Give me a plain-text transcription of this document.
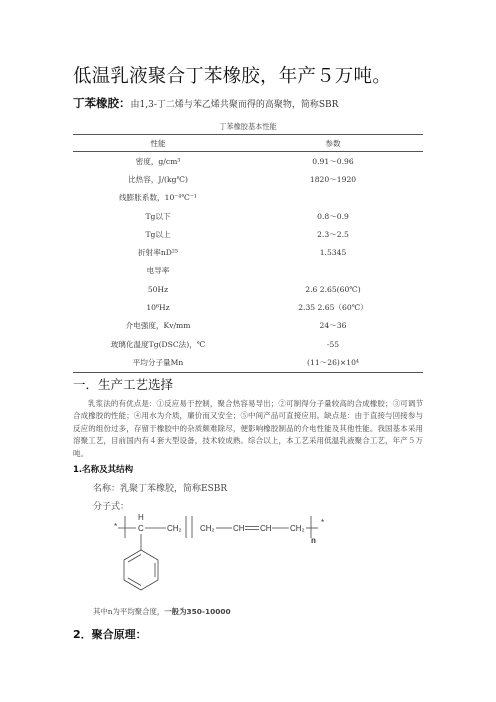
低温乳液聚合丁苯橡胶，年产５万吨。
丁苯橡胶：由1,3-丁二烯与苯乙烯共聚而得的高聚物，简称SBR
丁苯橡胶基本性能
性能	参数
密度，g/cm³	0.91～0.96
比热容，J/(kg℃)	1820～1920
线膨胀系数，10⁻⁴℃⁻¹
Tg以下	0.8～0.9
Tg以上	2.3～2.5
折射率nD²⁵	1.5345
电导率
50Hz	2.6 2.65(60℃)
10⁶Hz	2.35 2.65（60℃）
介电强度，Kv/mm	24～36
玻璃化温度Tg(DSC法)，℃	-55
平均分子量Mn	(11～26)×10⁴
一．生产工艺选择
乳浆法的有优点是：①反应易于控制，聚合热容易导出；②可制得分子量较高的合成橡胶；③可调节合成橡胶的性能；④用水为介质，廉价而又安全；⑤中间产品可直接应用。缺点是：由于直接与回接参与反应的组份过多，存留于橡胶中的杂质颇难除尽，便影响橡胶制品的介电性能及其他性能。我国基本采用溶聚工艺，目前国内有４套大型设备，技术较成熟。综合以上，本工艺采用低温乳液聚合工艺，年产５万吨。
1.名称及其结构
名称：乳聚丁苯橡胶，简称ESBR
分子式：
*
H
C	CH₂ CH₂ CH CH CH₂
*
n
其中n为平均聚合度，一般为350-10000
2．聚合原理：
